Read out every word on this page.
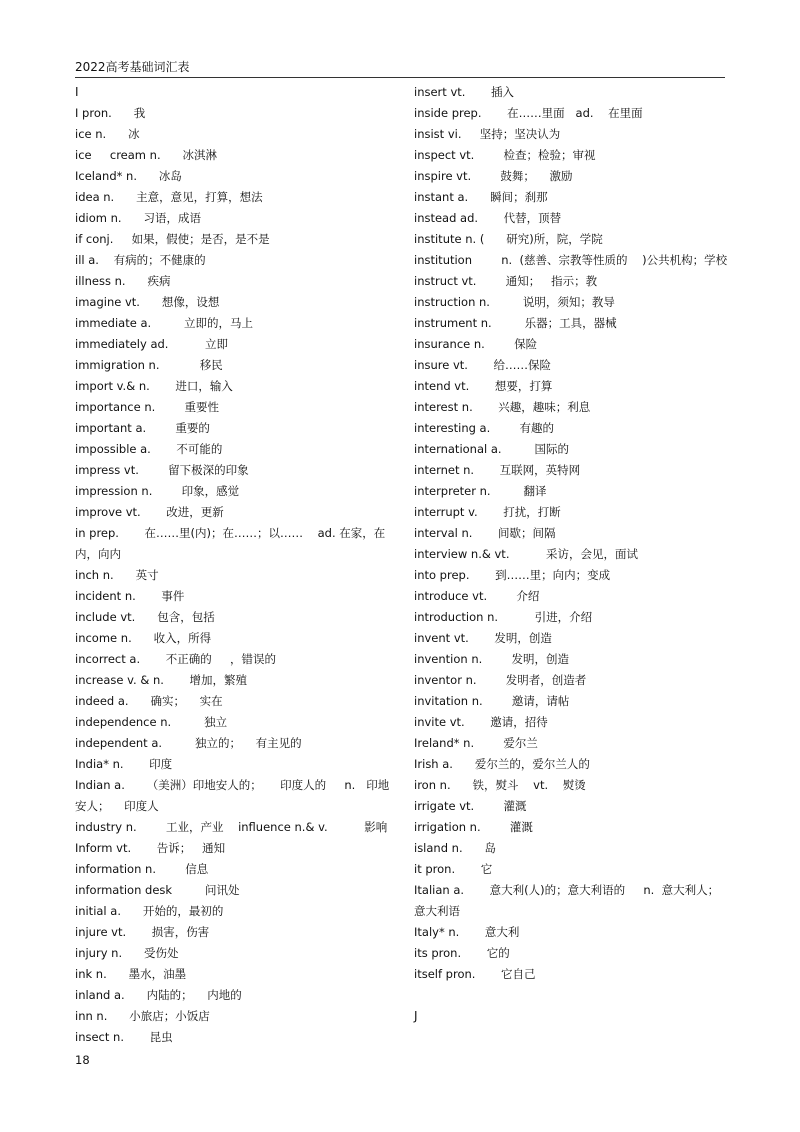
2022高考基础词汇表
I
I pron.      我
ice n.      冰
ice     cream n.      冰淇淋
Iceland* n.      冰岛
idea n.      主意，意见，打算，想法
idiom n.      习语，成语
if conj.     如果，假使；是否，是不是
ill a.    有病的；不健康的
illness n.      疾病
imagine vt.      想像，设想
immediate a.         立即的，马上
immediately ad.          立即
immigration n.           移民
import v.& n.       进口，输入
importance n.        重要性
important a.        重要的
impossible a.       不可能的
impress vt.        留下极深的印象
impression n.        印象，感觉
improve vt.       改进，更新
in prep.       在……里(内)；在……；以……    ad. 在家，在内，向内
inch n.      英寸
incident n.       事件
include vt.      包含，包括
income n.      收入，所得
incorrect a.       不正确的     ，错误的
increase v. & n.       增加，繁殖
indeed a.      确实；    实在
independence n.         独立
independent a.         独立的；    有主见的
India* n.       印度
Indian a.      （美洲）印地安人的；     印度人的     n.   印地安人；    印度人
industry n.        工业，产业    influence n.& v.          影响
Inform vt.       告诉；   通知
information n.        信息
information desk         问讯处
initial a.      开始的，最初的
injure vt.       损害，伤害
injury n.      受伤处
ink n.      墨水，油墨
inland a.      内陆的；    内地的
inn n.      小旅店；小饭店
insect n.       昆虫
insert vt.       插入
inside prep.       在……里面   ad.    在里面
insist vi.     坚持；坚决认为
inspect vt.        检查；检验；审视
inspire vt.        鼓舞；    激励
instant a.      瞬间；刹那
instead ad.       代替，顶替
institute n. (      研究)所，院，学院
institution        n.  (慈善、宗教等性质的    )公共机构；学校
instruct vt.        通知；   指示；教
instruction n.         说明，须知；教导
instrument n.         乐器；工具，器械
insurance n.        保险
insure vt.       给……保险
intend vt.       想要，打算
interest n.       兴趣，趣味；利息
interesting a.        有趣的
international a.         国际的
internet n.       互联网，英特网
interpreter n.         翻译
interrupt v.       打扰，打断
interval n.       间歇；间隔
interview n.& vt.          采访，会见，面试
into prep.       到……里；向内；变成
introduce vt.        介绍
introduction n.          引进，介绍
invent vt.       发明，创造
invention n.        发明，创造
inventor n.        发明者，创造者
invitation n.        邀请，请帖
invite vt.       邀请，招待
Ireland* n.        爱尔兰
Irish a.      爱尔兰的，爱尔兰人的
iron n.      铁，熨斗    vt.    熨烫
irrigate vt.        灌溉
irrigation n.        灌溉
island n.      岛
it pron.       它
Italian a.       意大利(人)的；意大利语的     n.  意大利人；意大利语
Italy* n.       意大利
its pron.       它的
itself pron.       它自己
J
18
